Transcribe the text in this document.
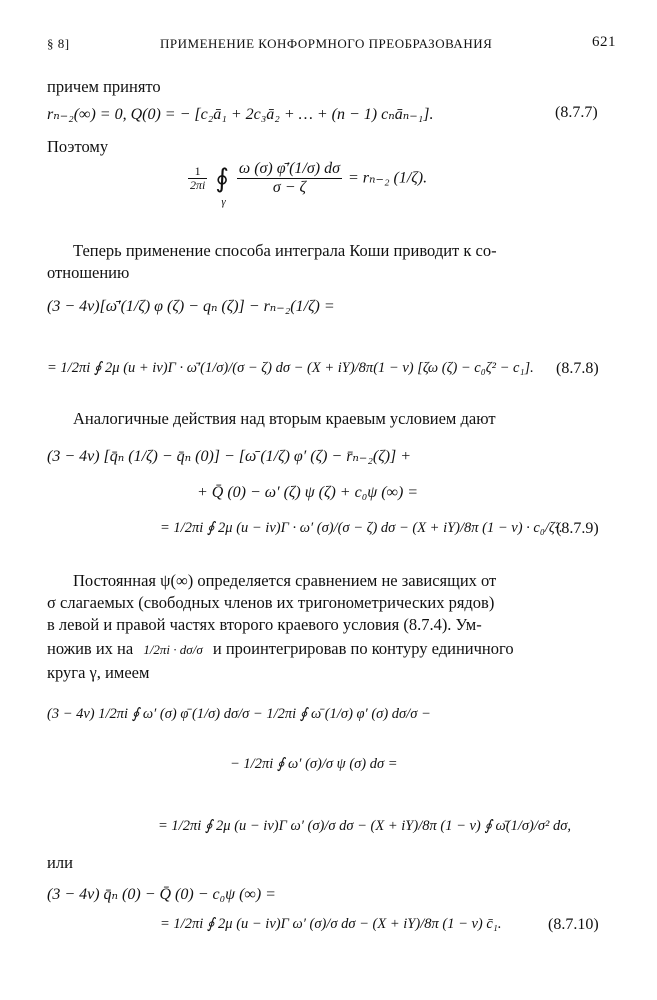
§ 8]	ПРИМЕНЕНИЕ КОНФОРМНОГО ПРЕОБРАЗОВАНИЯ	621
причем принято
rₙ₋₂(∞) = 0, Q(0) = − [c₂ā₁ + 2c₃ā₂ + … + (n − 1) cₙāₙ₋₁].	(8.7.7)
Поэтому
$\frac{1}{2\pi i}$ ∮
γ

$\frac{\omega (\sigma) \varphī'(1/\sigma) d\sigma}{\sigma - \zeta} = r_{n-2}$ (1/ζ).
Теперь применение способа интеграла Коши приводит к со-
отношению
(3 − 4ν)[ω̄′(1/ζ) φ (ζ) − qₙ (ζ)] − rₙ₋₂(1/ζ) =
= 1/2πi ∮ 2μ (u + iv)Γ · ω̄′(1/σ)/(σ − ζ) dσ − (X + iY)/8π(1 − ν) [ζω (ζ) − c₀ζ² − c₁]. (8.7.8)
Аналогичные действия над вторым краевым условием дают
(3 − 4ν) [q̄ₙ (1/ζ) − q̄ₙ (0)] − [ω̄ (1/ζ) φ′ (ζ) − r̄ₙ₋₂(ζ)] +
+ Q̄ (0) − ω′ (ζ) ψ (ζ) + c₀ψ (∞) =
= 1/2πi ∮ 2μ (u − iv)Γ · ω′ (σ)/(σ − ζ) dσ − (X + iY)/8π (1 − ν) · c₀/ζ².
(8.7.9)
Постоянная ψ(∞) определяется сравнением не зависящих от
σ слагаемых (свободных членов их тригонометрических рядов)
в левой и правой частях второго краевого условия (8.7.4). Ум-
ножив их на 1/2πi · dσ/σ и проинтегрировав по контуру единичного
круга γ, имеем
(3 − 4ν) 1/2πi ∮ ω′ (σ) φ̄ (1/σ) dσ/σ − 1/2πi ∮ ω̄ (1/σ) φ′ (σ) dσ/σ −
− 1/2πi ∮ ω′ (σ)/σ ψ (σ) dσ =
= 1/2πi ∮ 2μ (u − iv)Γ ω′ (σ)/σ dσ − (X + iY)/8π (1 − ν) ∮ ω̄(1/σ)/σ² dσ,
или
(3 − 4ν) q̄ₙ (0) − Q̄ (0) − c₀ψ (∞) =
= 1/2πi ∮ 2μ (u − iv)Γ ω′ (σ)/σ dσ − (X + iY)/8π (1 − ν) c̄₁.	(8.7.10)
